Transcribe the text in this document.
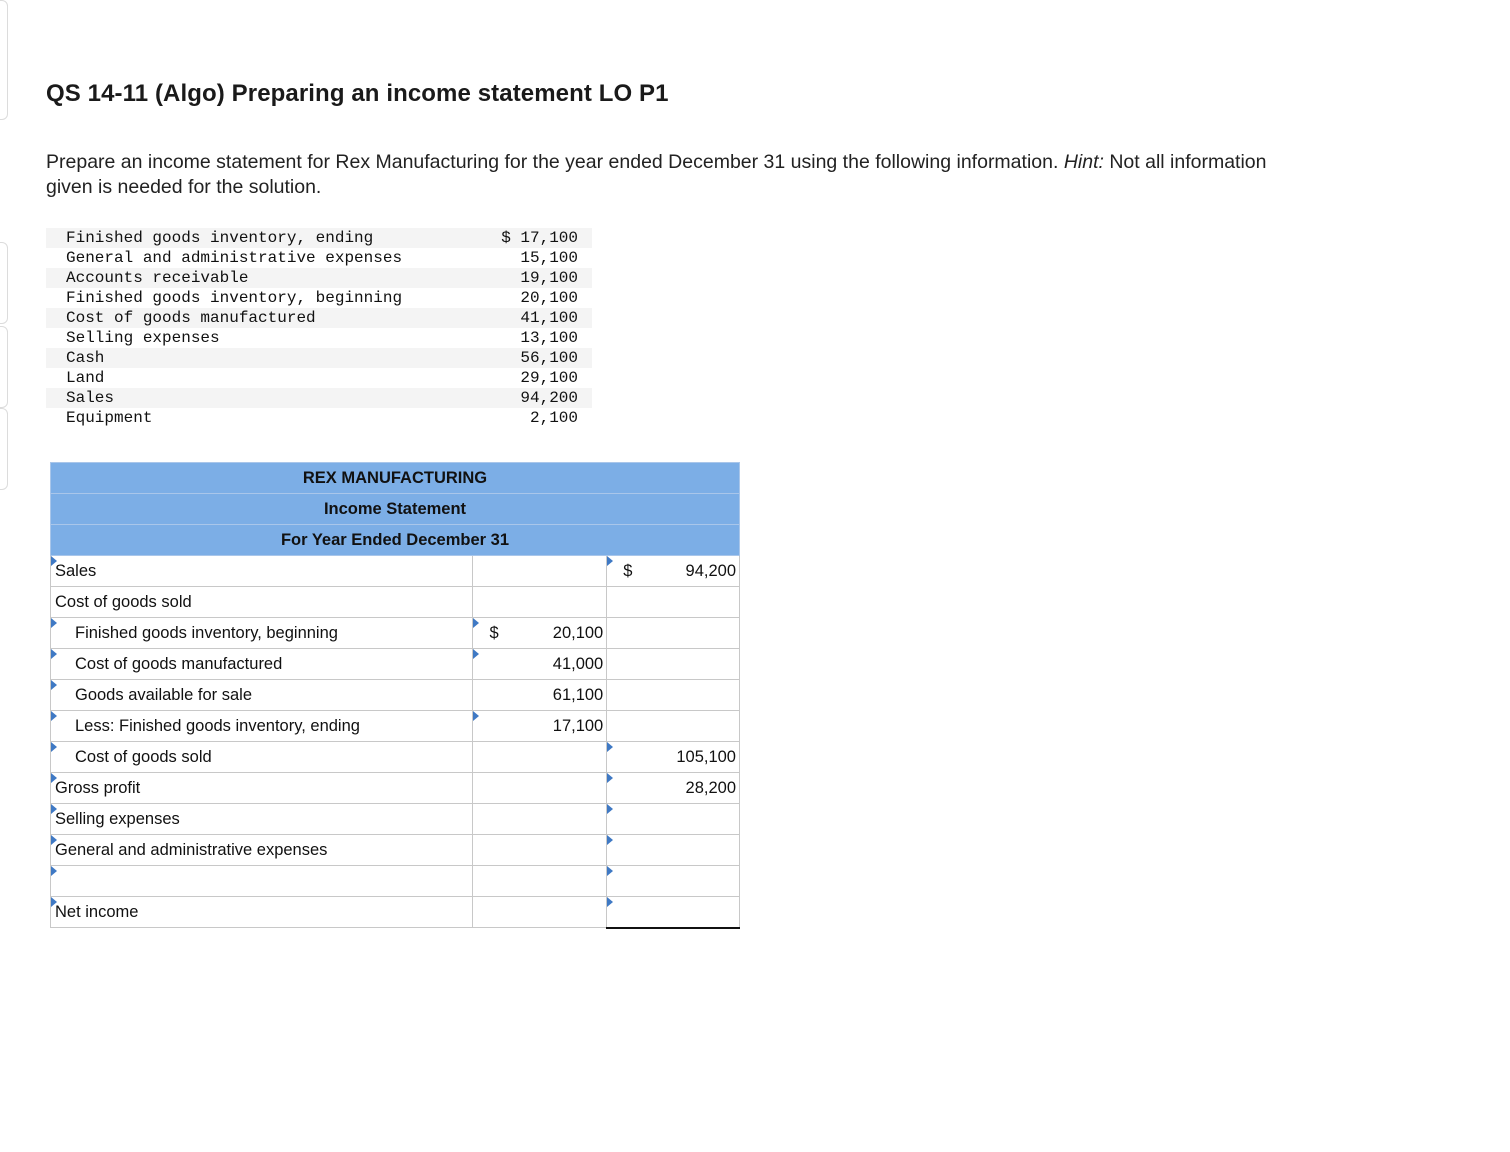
QS 14-11 (Algo) Preparing an income statement LO P1

Prepare an income statement for Rex Manufacturing for the year ended December 31 using the following information. Hint: Not all information given is needed for the solution.

Finished goods inventory, ending	$ 17,100
General and administrative expenses	15,100
Accounts receivable	19,100
Finished goods inventory, beginning	20,100
Cost of goods manufactured	41,100
Selling expenses	13,100
Cash	56,100
Land	29,100
Sales	94,200
Equipment	2,100
REX MANUFACTURING		
Income Statement		
For Year Ended December 31		

Sales		$ 94,200

Cost of goods sold		

Finished goods inventory, beginning	$ 20,100	

Cost of goods manufactured	41,000	

Goods available for sale	61,100	

Less: Finished goods inventory, ending	17,100	

Cost of goods sold		105,100

Gross profit		28,200

Selling expenses		

General and administrative expenses		

Net income		
